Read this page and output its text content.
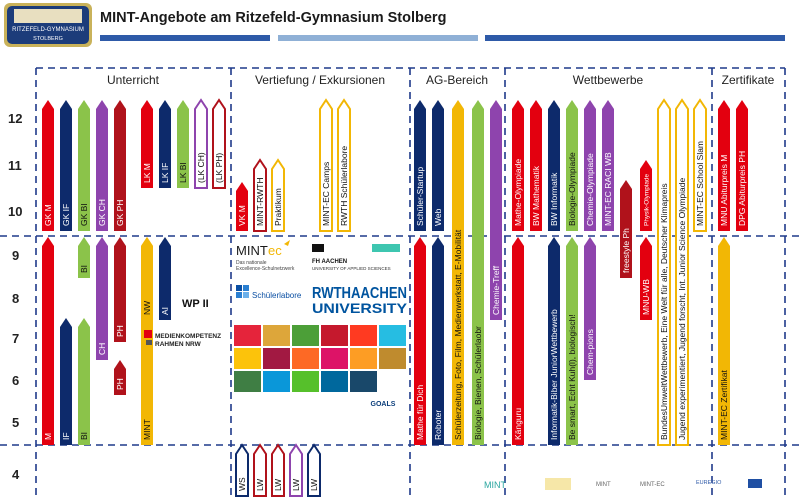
RITZEFELD-GYMNASIUM
STOLBERG
MINT-Angebote am Ritzefeld-Gymnasium Stolberg
Unterricht	Vertiefung / Exkursionen	AG-Bereich	Wettbewerbe	Zertifikate
12
11
10
9
8
7
6
5
4
GK M GK IF GK BI GK CH GK PH
LK M LK IF LK BI (LK CH) (LK PH)
M IF
BI
BI
CH
PH
PH
MINT
NW AI
VK M MINT-RWTH Praktikum	MINT-EC Camps RWTH Schülerlabore
WS LW LW LW LW
Schüler-Startup
Mathe für Dich
Web
Roboter Schülerzeitung, Foto, Film, Medienwerkstatt, E-Mobilität Biologie, Bienen, Schülerlaobr
Chemie-Treff
Mathe-Olympiade
Känguru
BW Mathematik BW Informatik
Informatik-Biber JuniorWettbewerb
Biologie-Olympiade
Be smart, Echt Kuh(l), biologisch!
Chemie-Olympiade
Chem-pions
MINT-EC RACI WB
freestyle Ph
Physik-Olympiade
MNU-WB BundesUmweltWettbewerb, Eine Welt für alle, Deutscher Klimapreis Jugend experimentiert, Jugend forscht, Int. Junior Science Olympiade MINT-EC School Slam MNU Abiturpreis M DPG Abiturpreis PH
MINT-EC Zertifikat
WP II
MEDIENKOMPETENZ
RAHMEN NRW
MINT ec
Das nationale
Excellence-Schulnetzwerk
FH AACHEN
UNIVERSITY OF APPLIED SCIENCES
Schülerlabore RWTHAACHEN
UNIVERSITY
GOALS
MINT	MINT	MINT-EC	EUREGIO
